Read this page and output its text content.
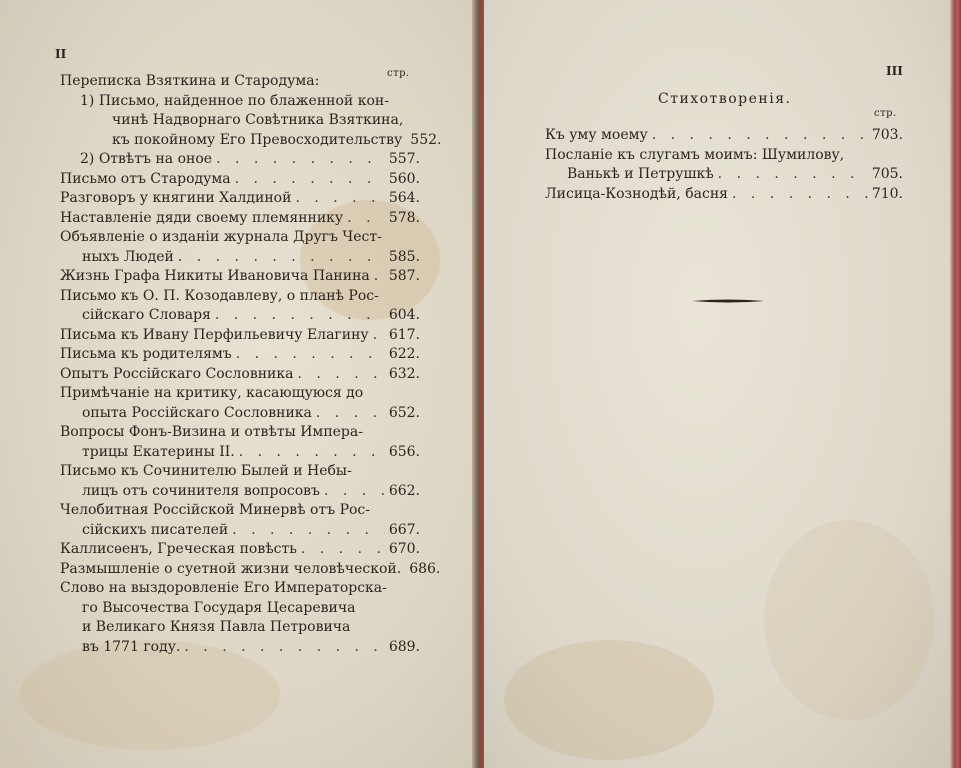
II
стр.
Переписка Взяткина и Стародума:
1) Письмо, найденное по блаженной кон-
чинѣ Надворнаго Совѣтника Взяткина,
къ покойному Его Превосходительству . . . 552.
2) Отвѣтъ на оное . . .	557.
Письмо отъ Стародума . . .	560.
Разговоръ у княгини Халдиной . . .	564.
Наставленіе дяди своему племяннику . . .	578.
Объявленіе о изданіи журнала Другъ Чест-
ныхъ Людей . . .	585.
Жизнь Графа Никиты Ивановича Панина . . . 587.
Письмо къ О. П. Козодавлеву, о планѣ Рос-
сійскаго Словаря . . .	604.
Письма къ Ивану Перфильевичу Елагину . . . 617.
Письма къ родителямъ . . .	622.
Опытъ Россійскаго Сословника . . .	632.
Примѣчаніе на критику, касающуюся до
опыта Россійскаго Сословника . . .	652.
Вопросы Фонъ-Визина и отвѣты Импера-
трицы Екатерины II. . . .	656.
Письмо къ Сочинителю Былей и Небы-
лицъ отъ сочинителя вопросовъ . . .	662.
Челобитная Россійской Минервѣ отъ Рос-
сійскихъ писателей . . .	667.
Каллисѳенъ, Греческая повѣсть . . .	670.
Размышленіе о суетной жизни человѣческой. . . . 686.
Слово на выздоровленіе Его Императорска-
го Высочества Государя Цесаревича
и Великаго Князя Павла Петровича
въ 1771 году. . . .	689.
III
Стихотворенія.
стр.
Къ уму моему . . .	703.
Посланіе къ слугамъ моимъ: Шумилову,
Ванькѣ и Петрушкѣ . . .	705.
Лисица-Кознодѣй, басня . . .	710.
